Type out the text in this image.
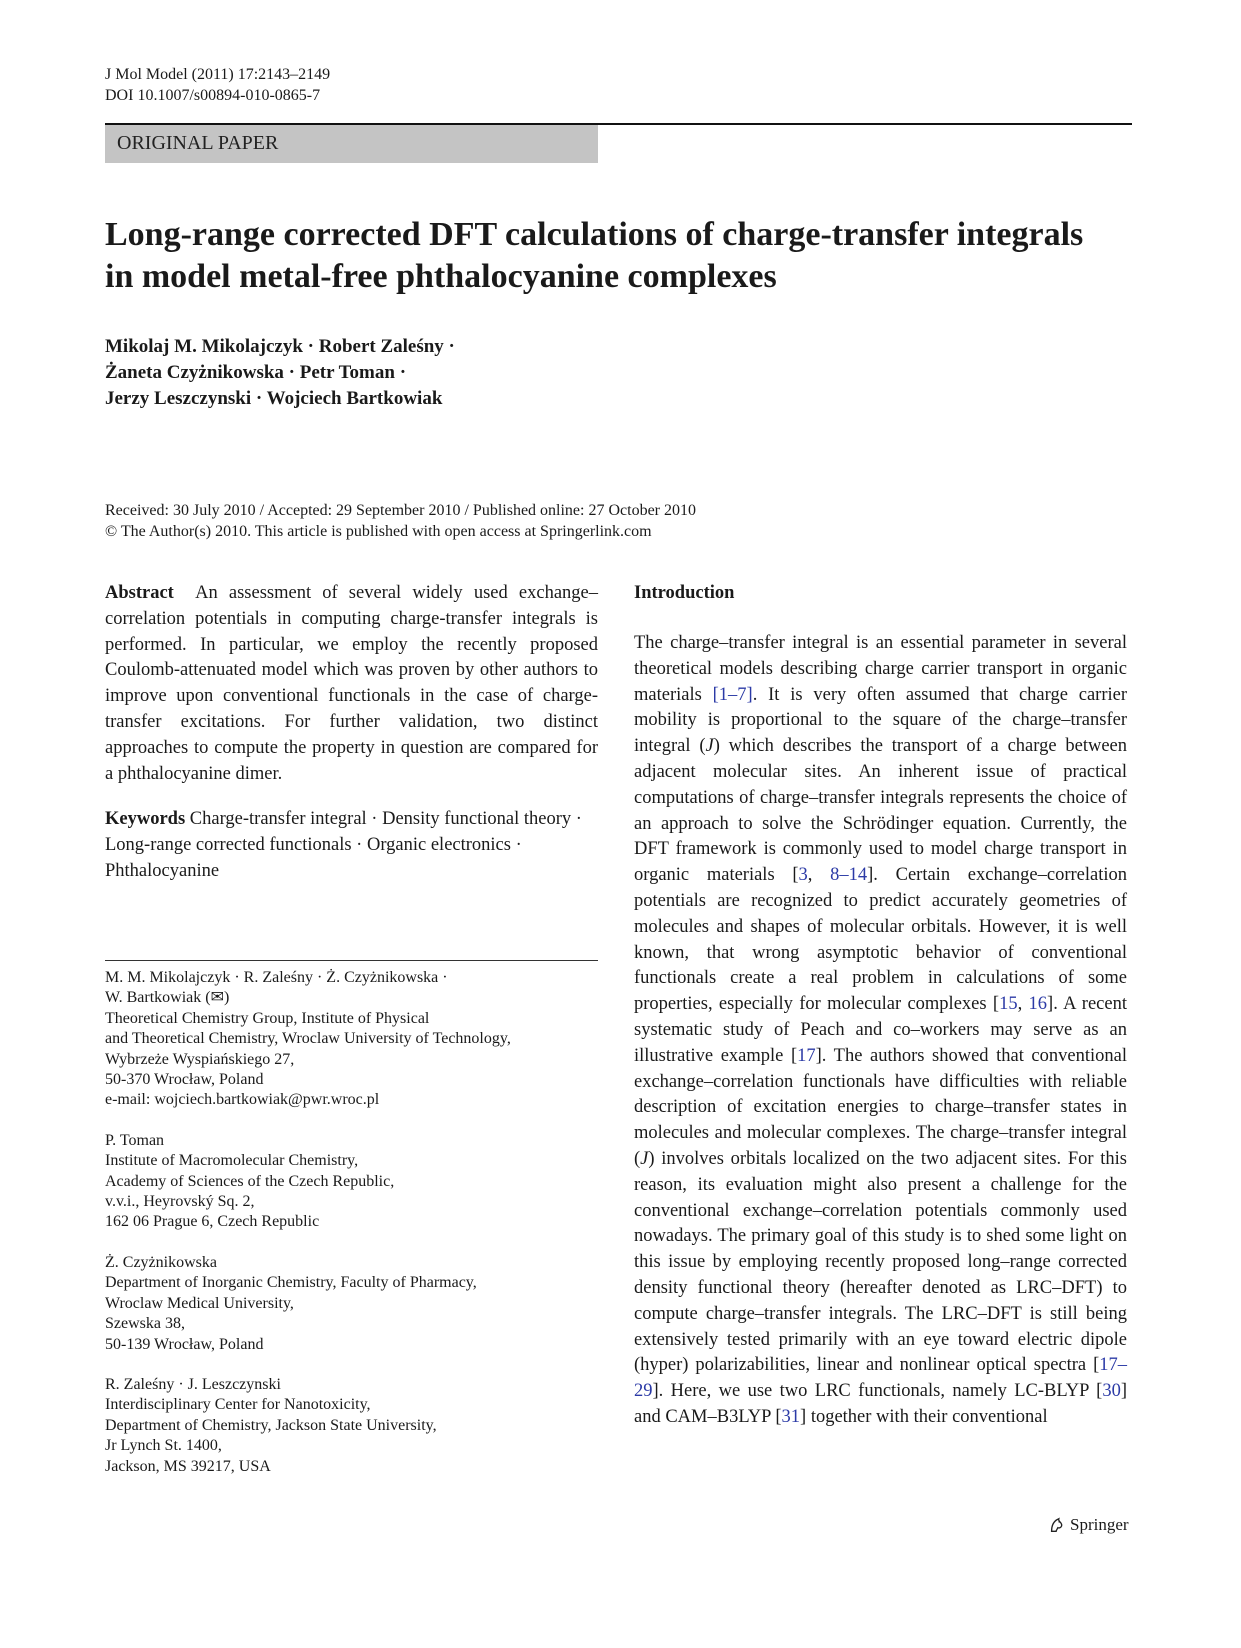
J Mol Model (2011) 17:2143–2149
DOI 10.1007/s00894-010-0865-7
ORIGINAL PAPER
Long-range corrected DFT calculations of charge-transfer integrals in model metal-free phthalocyanine complexes
Mikolaj M. Mikolajczyk · Robert Zaleśny ·
Żaneta Czyżnikowska · Petr Toman ·
Jerzy Leszczynski · Wojciech Bartkowiak
Received: 30 July 2010 / Accepted: 29 September 2010 / Published online: 27 October 2010
© The Author(s) 2010. This article is published with open access at Springerlink.com

Abstract An assessment of several widely used exchange–correlation potentials in computing charge-transfer integrals is performed. In particular, we employ the recently proposed Coulomb-attenuated model which was proven by other authors to improve upon conventional functionals in the case of charge-transfer excitations. For further validation, two distinct approaches to compute the property in question are compared for a phthalocyanine dimer.

Keywords Charge-transfer integral · Density functional theory · Long-range corrected functionals · Organic electronics · Phthalocyanine

M. M. Mikolajczyk · R. Zaleśny · Ż. Czyżnikowska ·
W. Bartkowiak (✉)
Theoretical Chemistry Group, Institute of Physical
and Theoretical Chemistry, Wroclaw University of Technology,
Wybrzeże Wyspiańskiego 27,
50-370 Wrocław, Poland
e-mail: wojciech.bartkowiak@pwr.wroc.pl

P. Toman
Institute of Macromolecular Chemistry,
Academy of Sciences of the Czech Republic,
v.v.i., Heyrovský Sq. 2,
162 06 Prague 6, Czech Republic

Ż. Czyżnikowska
Department of Inorganic Chemistry, Faculty of Pharmacy,
Wroclaw Medical University,
Szewska 38,
50-139 Wrocław, Poland

R. Zaleśny · J. Leszczynski
Interdisciplinary Center for Nanotoxicity,
Department of Chemistry, Jackson State University,
Jr Lynch St. 1400,
Jackson, MS 39217, USA

Introduction

The charge–transfer integral is an essential parameter in several theoretical models describing charge carrier transport in organic materials [1–7]. It is very often assumed that charge carrier mobility is proportional to the square of the charge–transfer integral (J) which describes the transport of a charge between adjacent molecular sites. An inherent issue of practical computations of charge–transfer integrals represents the choice of an approach to solve the Schrödinger equation. Currently, the DFT framework is commonly used to model charge transport in organic materials [3, 8–14]. Certain exchange–correlation potentials are recognized to predict accurately geometries of molecules and shapes of molecular orbitals. However, it is well known, that wrong asymptotic behavior of conventional functionals create a real problem in calculations of some properties, especially for molecular complexes [15, 16]. A recent systematic study of Peach and co–workers may serve as an illustrative example [17]. The authors showed that conventional exchange–correlation functionals have difficulties with reliable description of excitation energies to charge–transfer states in molecules and molecular complexes. The charge–transfer integral (J) involves orbitals localized on the two adjacent sites. For this reason, its evaluation might also present a challenge for the conventional exchange–correlation potentials commonly used nowadays. The primary goal of this study is to shed some light on this issue by employing recently proposed long–range corrected density functional theory (hereafter denoted as LRC–DFT) to compute charge–transfer integrals. The LRC–DFT is still being extensively tested primarily with an eye toward electric dipole (hyper) polarizabilities, linear and nonlinear optical spectra [17–29]. Here, we use two LRC functionals, namely LC-BLYP [30] and CAM–B3LYP [31] together with their conventional

Springer
